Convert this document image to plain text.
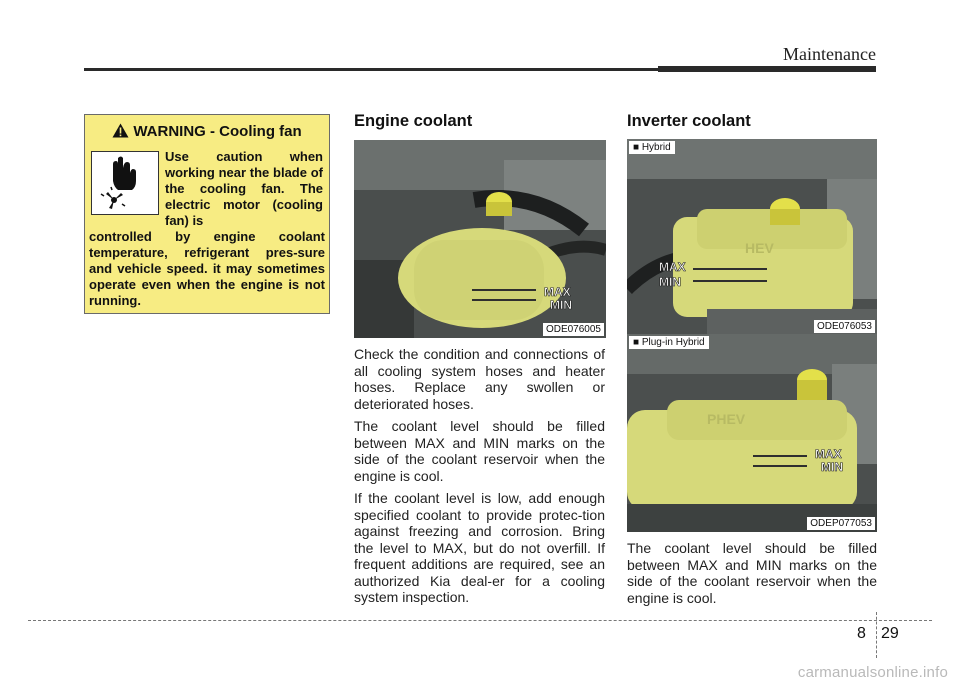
Maintenance
WARNING - Cooling fan
Use caution when working near the blade of the cooling fan. The electric motor (cooling fan) is
controlled by engine coolant temperature, refrigerant pres-sure and vehicle speed. it may sometimes operate even when the engine is not running.
Engine coolant
MAX
MIN
ODE076005

Check the condition and connections of all cooling system hoses and heater hoses. Replace any swollen or deteriorated hoses.

The coolant level should be filled between MAX and MIN marks on the side of the coolant reservoir when the engine is cool.

If the coolant level is low, add enough specified coolant to provide protec-tion against freezing and corrosion. Bring the level to MAX, but do not overfill. If frequent additions are required, see an authorized Kia deal-er for a cooling system inspection.

Inverter coolant
HEV
MAX
MIN
■ Hybrid
ODE076053
PHEV
MAX
MIN
■ Plug-in Hybrid
ODEP077053

The coolant level should be filled between MAX and MIN marks on the side of the coolant reservoir when the engine is cool.

8 29
carmanualsonline.info
